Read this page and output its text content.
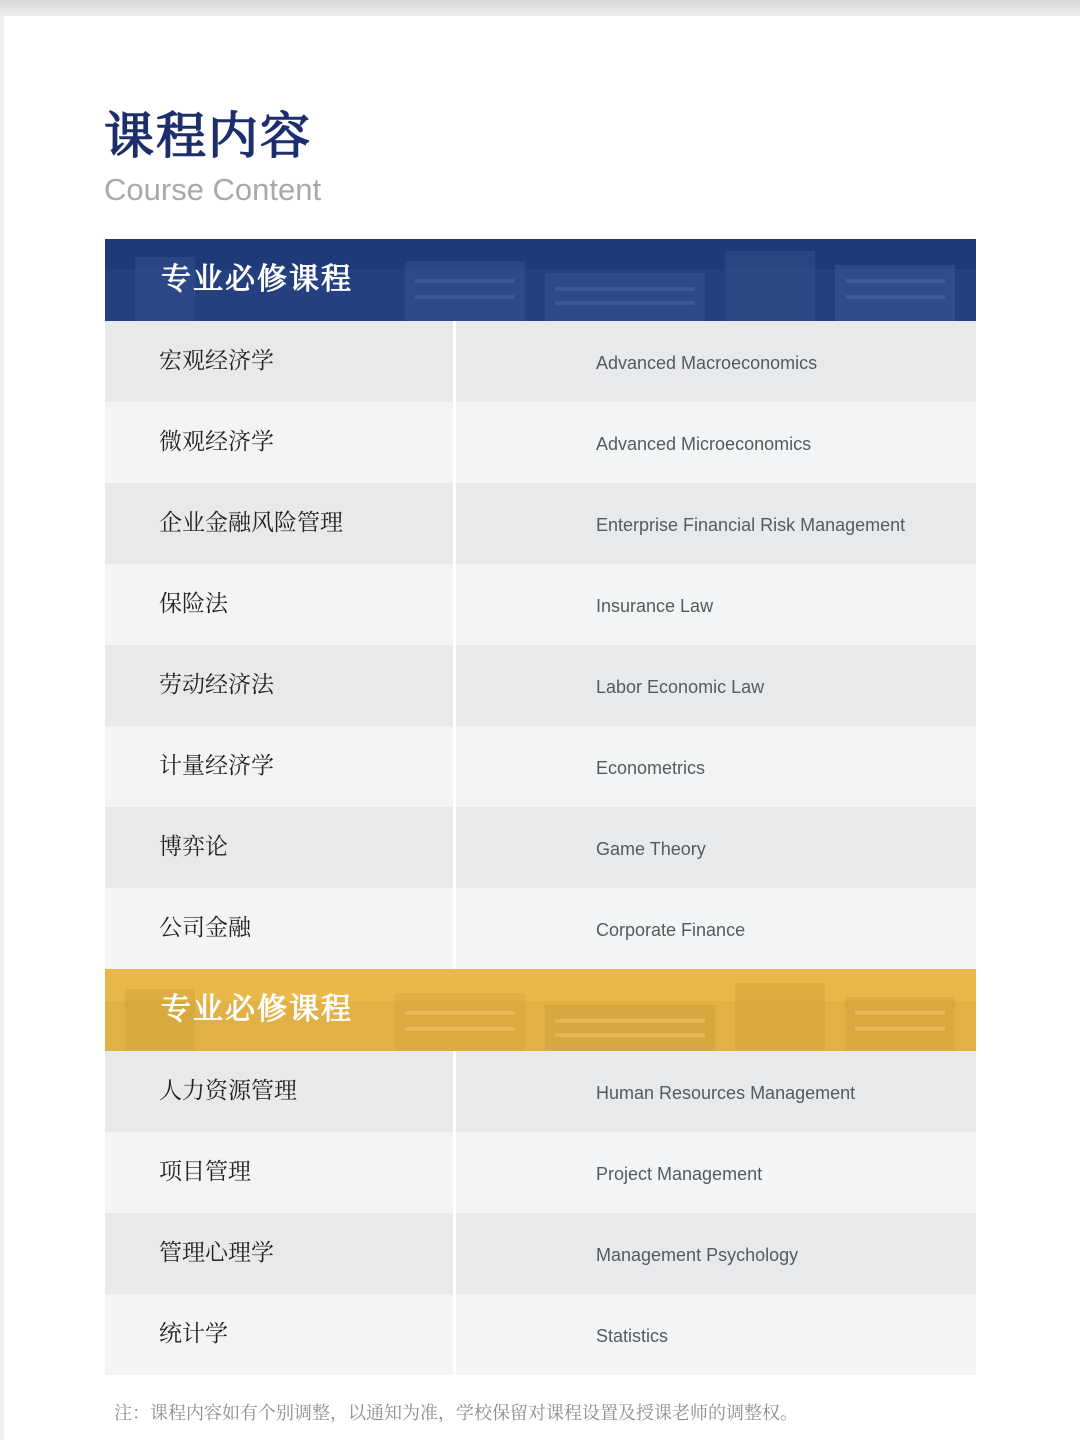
课程内容
Course Content
专业必修课程
宏观经济学	Advanced Macroeconomics
微观经济学	Advanced Microeconomics
企业金融风险管理	Enterprise Financial Risk Management
保险法	Insurance Law
劳动经济法	Labor Economic Law
计量经济学	Econometrics
博弈论	Game Theory
公司金融	Corporate Finance
专业必修课程
人力资源管理	Human Resources Management
项目管理	Project Management
管理心理学	Management Psychology
统计学	Statistics
注：课程内容如有个别调整，以通知为准，学校保留对课程设置及授课老师的调整权。
